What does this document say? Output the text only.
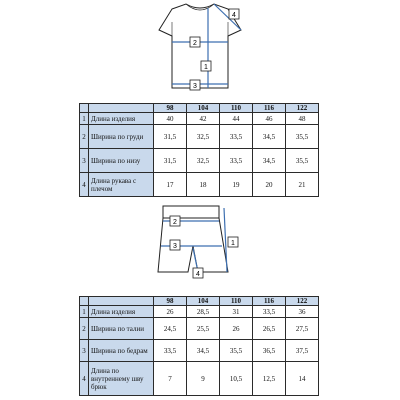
1
2
3
4
		98	104	110	116	122
1	Длина изделия	40	42	44	46	48
2	Ширина по груди	31,5	32,5	33,5	34,5	35,5
3	Ширина по низу	31,5	32,5	33,5	34,5	35,5
4	Длина рукава с плечом	17	18	19	20	21
1
2
3
4
		98	104	110	116	122
1	Длина изделия	26	28,5	31	33,5	36
2	Ширина по талии	24,5	25,5	26	26,5	27,5
3	Ширина по бедрам	33,5	34,5	35,5	36,5	37,5
4	Длина по внутреннему шву брюк	7	9	10,5	12,5	14
